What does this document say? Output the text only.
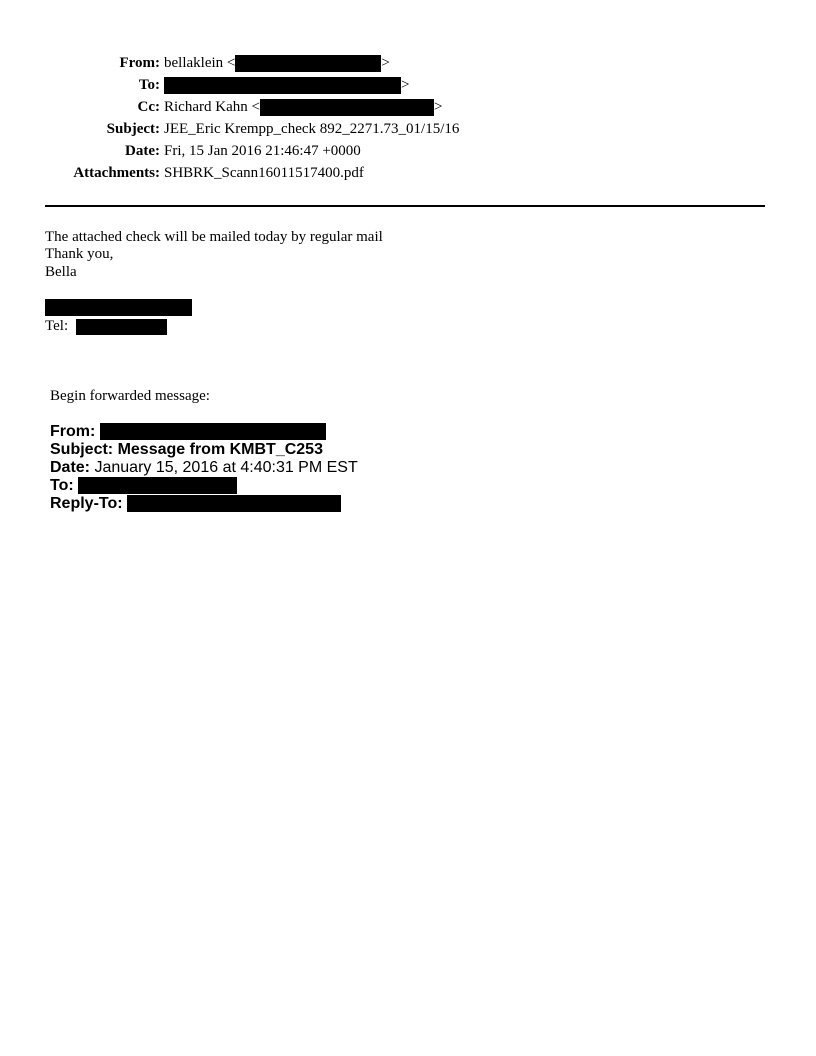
From: bellaklein <	>
To:	>
Cc: Richard Kahn <	>
Subject: JEE_Eric Krempp_check 892_2271.73_01/15/16
Date: Fri, 15 Jan 2016 21:46:47 +0000
Attachments: SHBRK_Scann16011517400.pdf
The attached check will be mailed today by regular mail
Thank you,
Bella
Tel:
Begin forwarded message:
From:
Subject: Message from KMBT_C253
Date: January 15, 2016 at 4:40:31 PM EST
To:
Reply-To:
